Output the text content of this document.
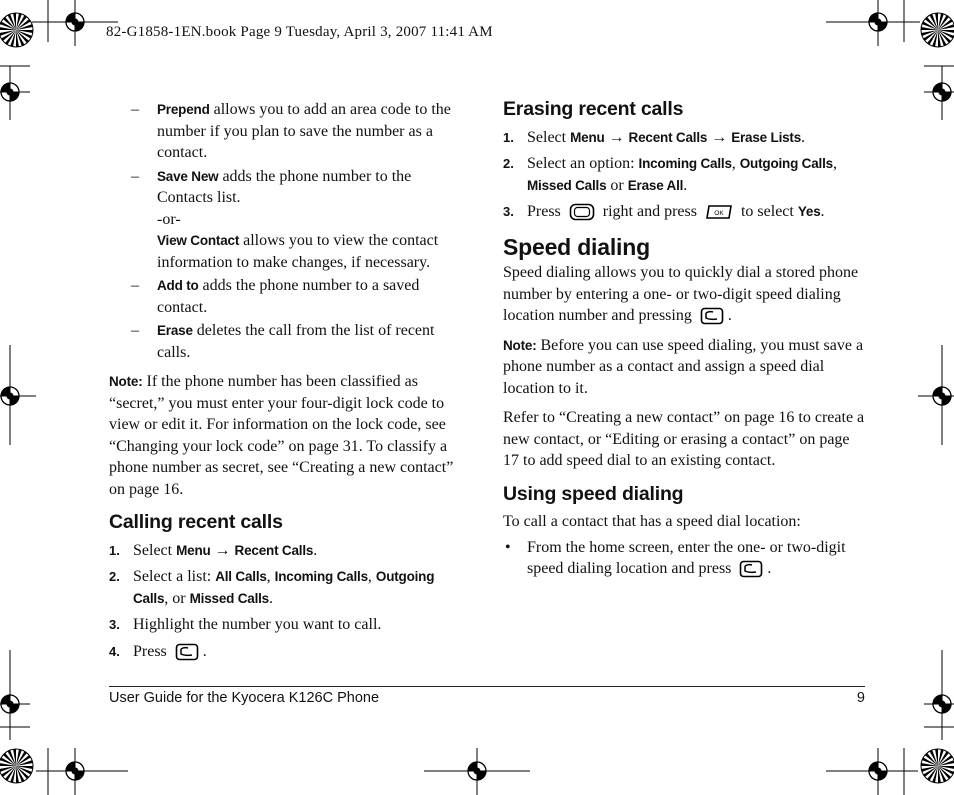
82-G1858-1EN.book Page 9 Tuesday, April 3, 2007 11:41 AM
– Prepend allows you to add an area code to the number if you plan to save the number as a contact.
– Save New adds the phone number to the Contacts list.
-or-
View Contact allows you to view the contact information to make changes, if necessary.
– Add to adds the phone number to a saved contact.
– Erase deletes the call from the list of recent calls.
Note: If the phone number has been classified as “secret,” you must enter your four-digit lock code to view or edit it. For information on the lock code, see “Changing your lock code” on page 31. To classify a phone number as secret, see “Creating a new contact” on page 16.
Calling recent calls
1. Select Menu → Recent Calls.
2. Select a list: All Calls, Incoming Calls, Outgoing Calls, or Missed Calls.
3. Highlight the number you want to call.
4. Press .
Erasing recent calls
1. Select Menu → Recent Calls → Erase Lists.
2. Select an option: Incoming Calls, Outgoing Calls, Missed Calls or Erase All.
3. Press  right and press	OK to select Yes.
Speed dialing
Speed dialing allows you to quickly dial a stored phone number by entering a one- or two-digit speed dialing location number and pressing .
Note: Before you can use speed dialing, you must save a phone number as a contact and assign a speed dial location to it.
Refer to “Creating a new contact” on page 16 to create a new contact, or “Editing or erasing a contact” on page 17 to add speed dial to an existing contact.
Using speed dialing
To call a contact that has a speed dial location:
• From the home screen, enter the one- or two-digit speed dialing location and press .
User Guide for the Kyocera K126C Phone	9
